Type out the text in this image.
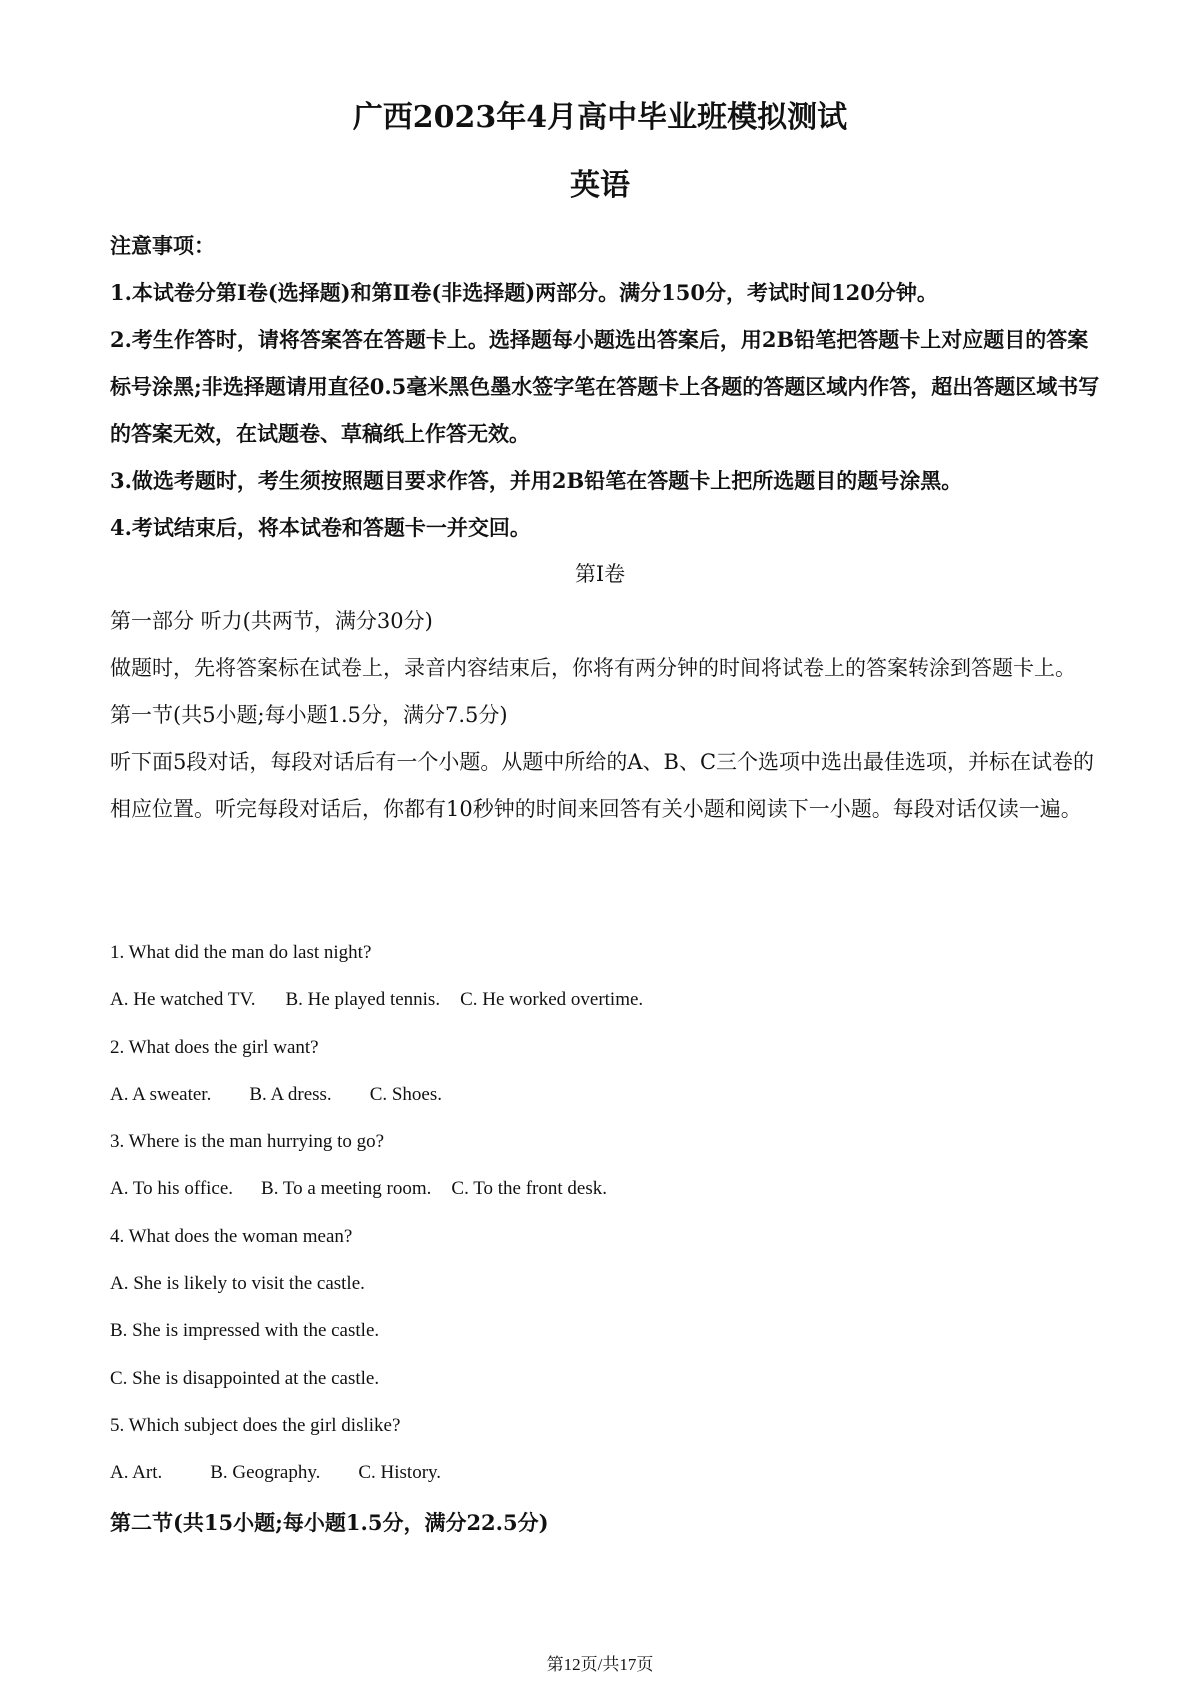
广西2023年4月高中毕业班模拟测试
英语

注意事项：

1.本试卷分第Ⅰ卷(选择题)和第Ⅱ卷(非选择题)两部分。满分150分，考试时间120分钟。

2.考生作答时，请将答案答在答题卡上。选择题每小题选出答案后，用2B铅笔把答题卡上对应题目的答案标号涂黑;非选择题请用直径0.5毫米黑色墨水签字笔在答题卡上各题的答题区域内作答，超出答题区域书写的答案无效，在试题卷、草稿纸上作答无效。

3.做选考题时，考生须按照题目要求作答，并用2B铅笔在答题卡上把所选题目的题号涂黑。

4.考试结束后，将本试卷和答题卡一并交回。

第Ⅰ卷

第一部分 听力(共两节，满分30分)

做题时，先将答案标在试卷上，录音内容结束后，你将有两分钟的时间将试卷上的答案转涂到答题卡上。

第一节(共5小题;每小题1.5分，满分7.5分)

听下面5段对话，每段对话后有一个小题。从题中所给的A、B、C三个选项中选出最佳选项，并标在试卷的相应位置。听完每段对话后，你都有10秒钟的时间来回答有关小题和阅读下一小题。每段对话仅读一遍。

1. What did the man do last night?
A. He watched TV. B. He played tennis. C. He worked overtime.
2. What does the girl want?
A. A sweater. B. A dress. C. Shoes.
3. Where is the man hurrying to go?
A. To his office. B. To a meeting room. C. To the front desk.
4. What does the woman mean?
A. She is likely to visit the castle.
B. She is impressed with the castle.
C. She is disappointed at the castle.
5. Which subject does the girl dislike?
A. Art.	B. Geography. C. History.
第二节(共15小题;每小题1.5分，满分22.5分)
第12页/共17页
